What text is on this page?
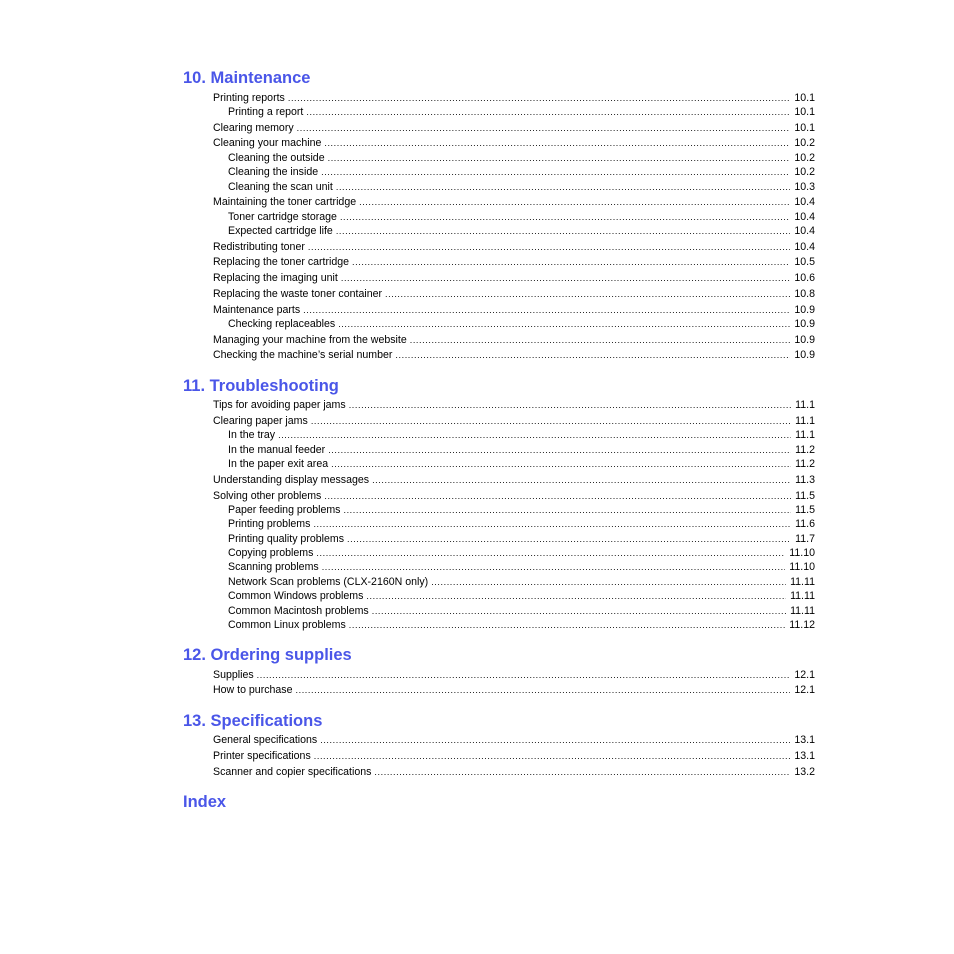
10. Maintenance
Printing reports .....	10.1
Printing a report .....	10.1
Clearing memory .....	10.1
Cleaning your machine .....	10.2
Cleaning the outside .....	10.2
Cleaning the inside .....	10.2
Cleaning the scan unit .....	10.3
Maintaining the toner cartridge .....	10.4
Toner cartridge storage .....	10.4
Expected cartridge life .....	10.4
Redistributing toner .....	10.4
Replacing the toner cartridge .....	10.5
Replacing the imaging unit .....	10.6
Replacing the waste toner container .....	10.8
Maintenance parts .....	10.9
Checking replaceables .....	10.9
Managing your machine from the website .....	10.9
Checking the machine’s serial number .....	10.9
11. Troubleshooting
Tips for avoiding paper jams .....	11.1
Clearing paper jams .....	11.1
In the tray .....	11.1
In the manual feeder .....	11.2
In the paper exit area .....	11.2
Understanding display messages .....	11.3
Solving other problems .....	11.5
Paper feeding problems .....	11.5
Printing problems .....	11.6
Printing quality problems .....	11.7
Copying problems .....	11.10
Scanning problems .....	11.10
Network Scan problems (CLX-2160N only) .....	11.11
Common Windows problems .....	11.11
Common Macintosh problems .....	11.11
Common Linux problems .....	11.12
12. Ordering supplies
Supplies .....	12.1
How to purchase .....	12.1
13. Specifications
General specifications .....	13.1
Printer specifications .....	13.1
Scanner and copier specifications .....	13.2
Index
